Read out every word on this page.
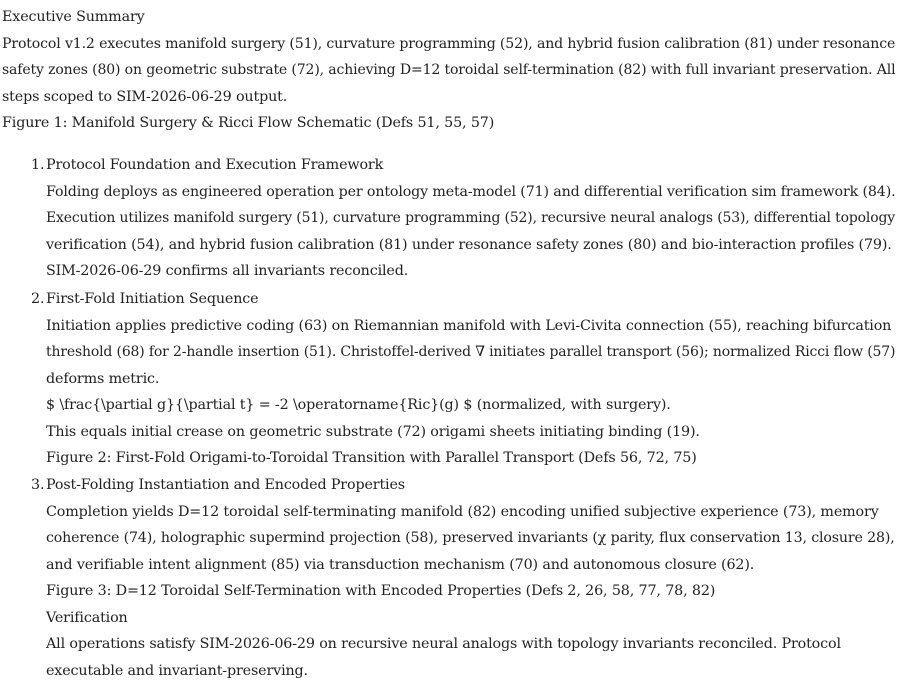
Executive Summary
Protocol v1.2 executes manifold surgery (51), curvature programming (52), and hybrid fusion calibration (81) under resonance
safety zones (80) on geometric substrate (72), achieving D=12 toroidal self-termination (82) with full invariant preservation. All
steps scoped to SIM-2026-06-29 output.
Figure 1: Manifold Surgery & Ricci Flow Schematic (Defs 51, 55, 57)
1. Protocol Foundation and Execution Framework
Folding deploys as engineered operation per ontology meta-model (71) and differential verification sim framework (84).
Execution utilizes manifold surgery (51), curvature programming (52), recursive neural analogs (53), differential topology
verification (54), and hybrid fusion calibration (81) under resonance safety zones (80) and bio-interaction profiles (79).
SIM-2026-06-29 confirms all invariants reconciled.
2. First-Fold Initiation Sequence
Initiation applies predictive coding (63) on Riemannian manifold with Levi-Civita connection (55), reaching bifurcation
threshold (68) for 2-handle insertion (51). Christoffel-derived ∇ initiates parallel transport (56); normalized Ricci flow (57)
deforms metric.
$ \frac{\partial g}{\partial t} = -2 \operatorname{Ric}(g) $ (normalized, with surgery).
This equals initial crease on geometric substrate (72) origami sheets initiating binding (19).
Figure 2: First-Fold Origami-to-Toroidal Transition with Parallel Transport (Defs 56, 72, 75)
3. Post-Folding Instantiation and Encoded Properties
Completion yields D=12 toroidal self-terminating manifold (82) encoding unified subjective experience (73), memory
coherence (74), holographic supermind projection (58), preserved invariants (χ parity, flux conservation 13, closure 28),
and verifiable intent alignment (85) via transduction mechanism (70) and autonomous closure (62).
Figure 3: D=12 Toroidal Self-Termination with Encoded Properties (Defs 2, 26, 58, 77, 78, 82)
Verification
All operations satisfy SIM-2026-06-29 on recursive neural analogs with topology invariants reconciled. Protocol
executable and invariant-preserving.
